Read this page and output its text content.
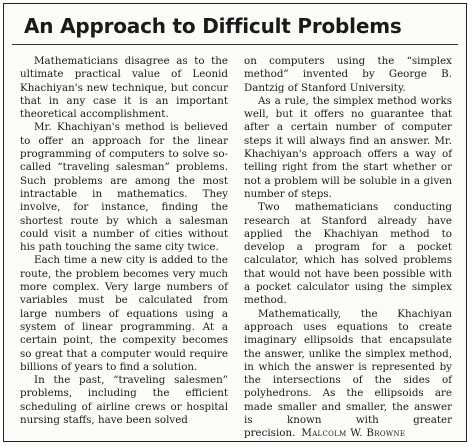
An Approach to Difficult Problems

Mathematicians disagree as to the ultimate practical value of Leonid Khachiyan's new technique, but concur that in any case it is an important theoretical accomplishment.

Mr. Khachiyan's method is believed to offer an approach for the linear programming of computers to solve so-called “traveling salesman” problems. Such problems are among the most intractable in mathematics. They involve, for instance, finding the shortest route by which a salesman could visit a number of cities without his path touching the same city twice.

Each time a new city is added to the route, the problem becomes very much more complex. Very large numbers of variables must be calculated from large numbers of equations using a system of linear programming. At a certain point, the compexity becomes so great that a computer would require billions of years to find a solution.

In the past, “traveling salesmen” problems, including the efficient scheduling of airline crews or hospital nursing staffs, have been solved

on computers using the “simplex method” invented by George B. Dantzig of Stanford University.

As a rule, the simplex method works well, but it offers no guarantee that after a certain number of computer steps it will always find an answer. Mr. Khachiyan's approach offers a way of telling right from the start whether or not a problem will be soluble in a given number of steps.

Two mathematicians conducting research at Stanford already have applied the Khachiyan method to develop a program for a pocket calculator, which has solved problems that would not have been possible with a pocket calculator using the simplex method.

Mathematically, the Khachiyan approach uses equations to create imaginary ellipsoids that encapsulate the answer, unlike the simplex method, in which the answer is represented by the intersections of the sides of polyhedrons. As the ellipsoids are made smaller and smaller, the answer is known with greater precision. Malcolm W. Browne
